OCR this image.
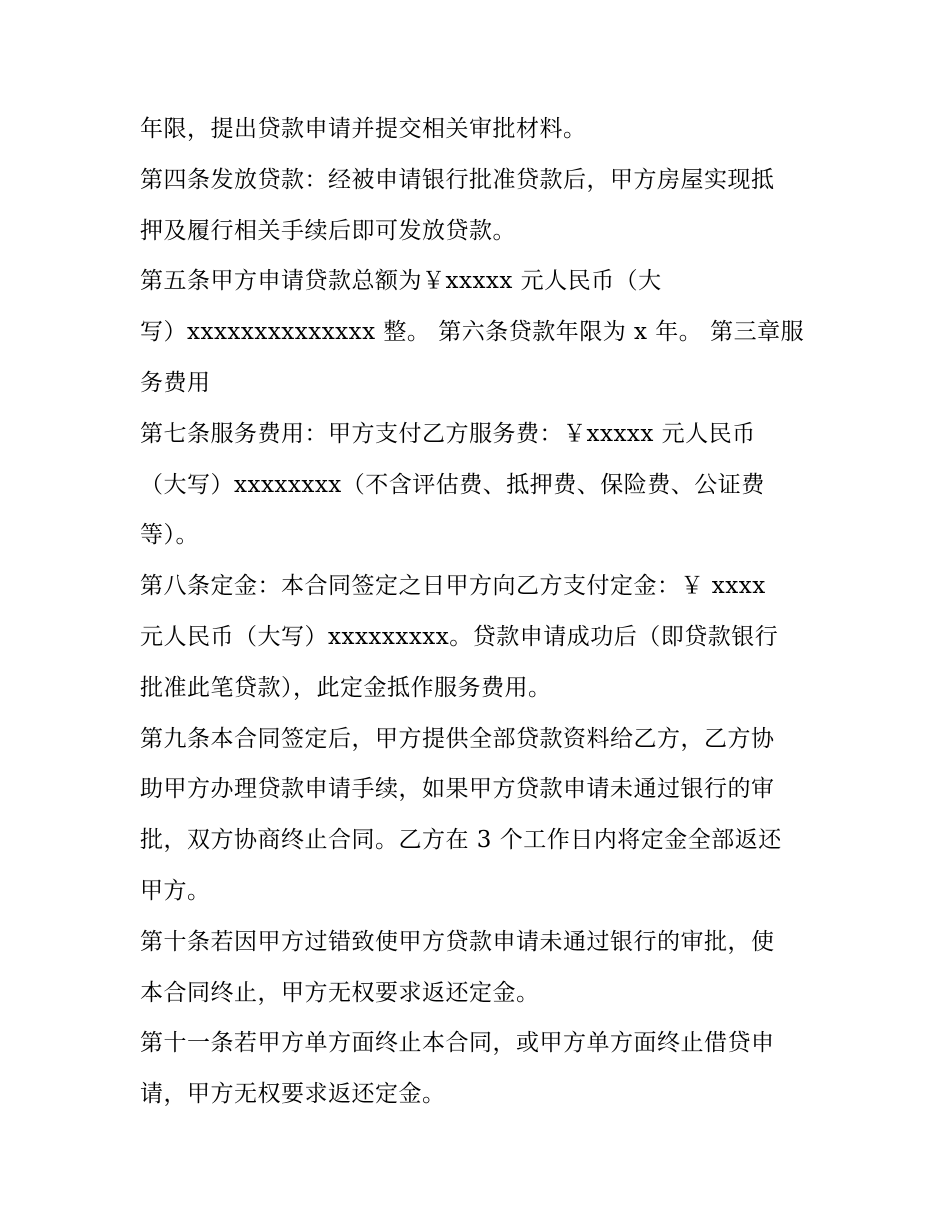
年限，提出贷款申请并提交相关审批材料。
第四条发放贷款：经被申请银行批准贷款后，甲方房屋实现抵
押及履行相关手续后即可发放贷款。
第五条甲方申请贷款总额为￥xxxxx 元人民币（大
写）xxxxxxxxxxxxxx 整。 第六条贷款年限为 x 年。 第三章服
务费用
第七条服务费用：甲方支付乙方服务费：￥xxxxx 元人民币
（大写）xxxxxxxx（不含评估费、抵押费、保险费、公证费
等）。
第八条定金：本合同签定之日甲方向乙方支付定金：￥ xxxx
元人民币（大写）xxxxxxxxx。贷款申请成功后（即贷款银行
批准此笔贷款），此定金抵作服务费用。
第九条本合同签定后，甲方提供全部贷款资料给乙方，乙方协
助甲方办理贷款申请手续，如果甲方贷款申请未通过银行的审
批，双方协商终止合同。乙方在 3 个工作日内将定金全部返还
甲方。
第十条若因甲方过错致使甲方贷款申请未通过银行的审批，使
本合同终止，甲方无权要求返还定金。
第十一条若甲方单方面终止本合同，或甲方单方面终止借贷申
请，甲方无权要求返还定金。
